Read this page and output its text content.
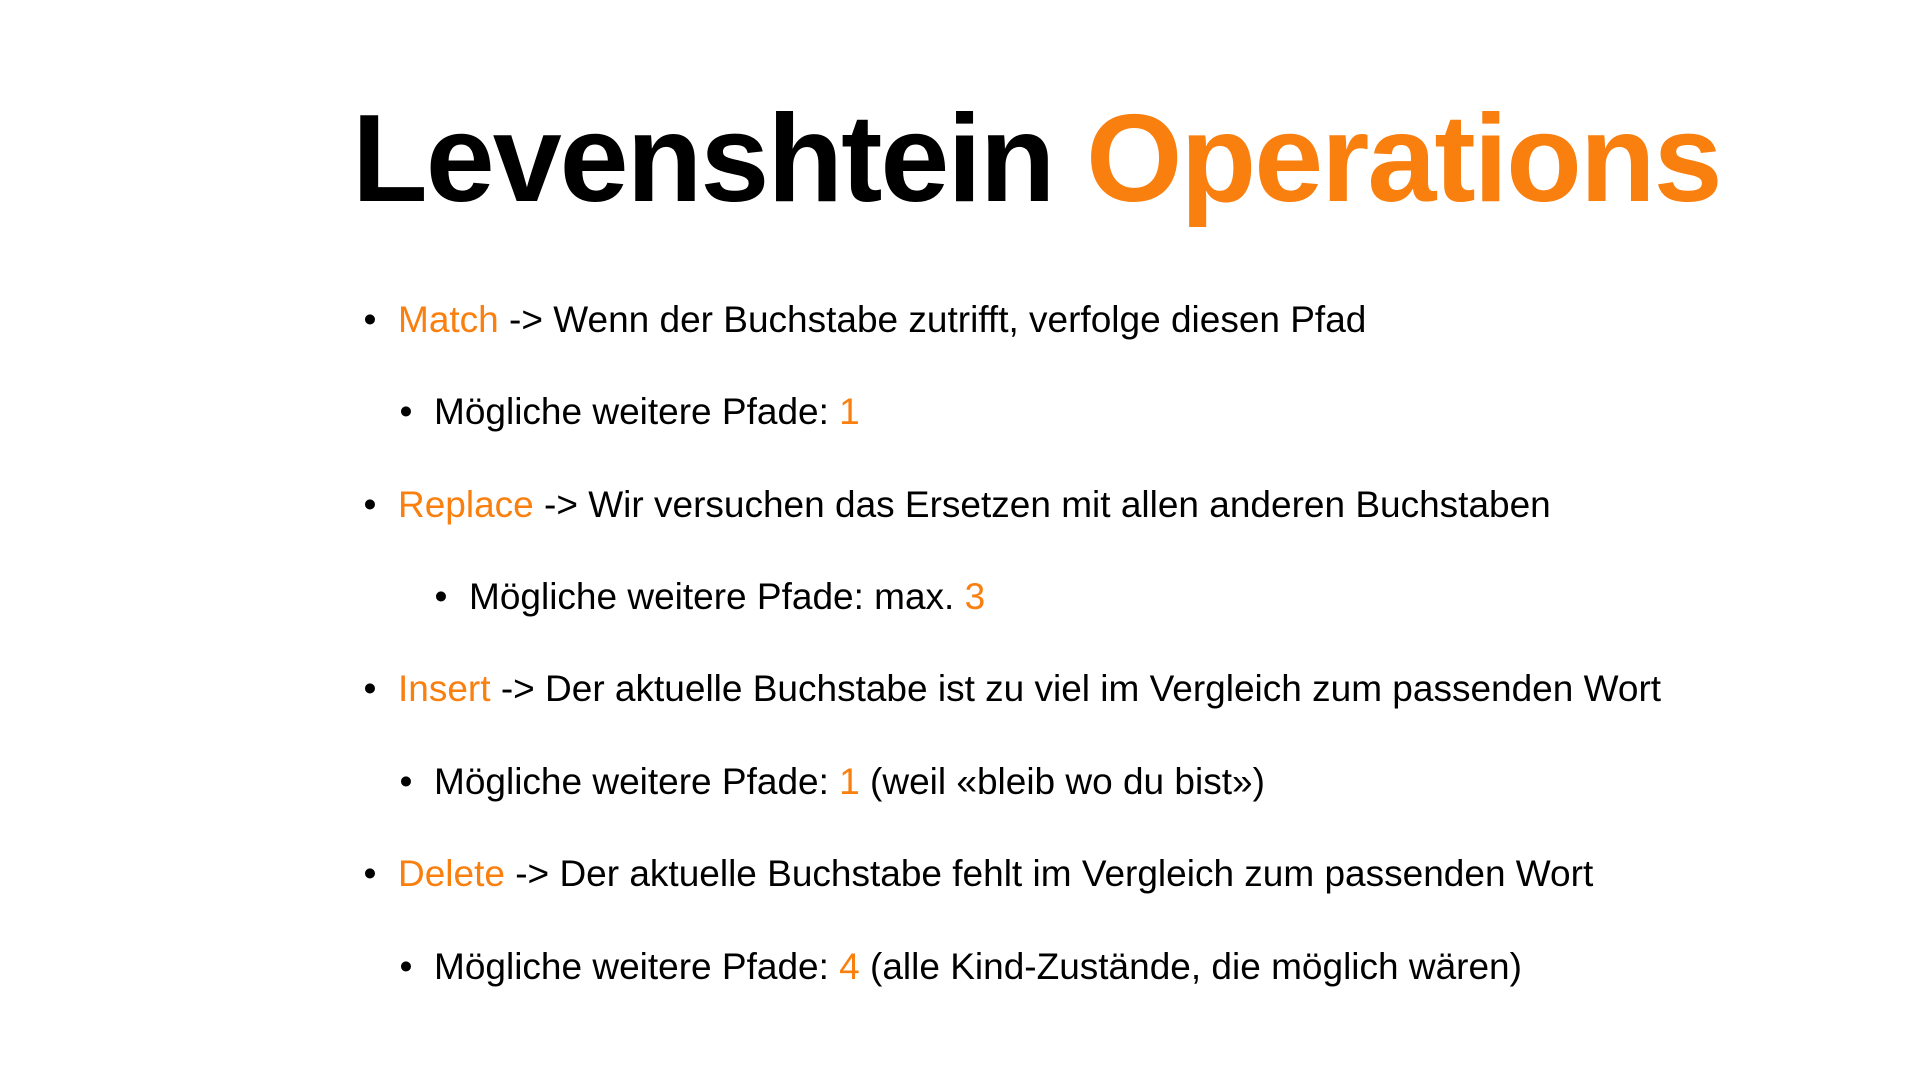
Levenshtein Operations
• Match -> Wenn der Buchstabe zutrifft, verfolge diesen Pfad
• Mögliche weitere Pfade: 1
• Replace -> Wir versuchen das Ersetzen mit allen anderen Buchstaben
• Mögliche weitere Pfade: max. 3
• Insert -> Der aktuelle Buchstabe ist zu viel im Vergleich zum passenden Wort
• Mögliche weitere Pfade: 1 (weil «bleib wo du bist»)
• Delete -> Der aktuelle Buchstabe fehlt im Vergleich zum passenden Wort
• Mögliche weitere Pfade: 4 (alle Kind-Zustände, die möglich wären)
